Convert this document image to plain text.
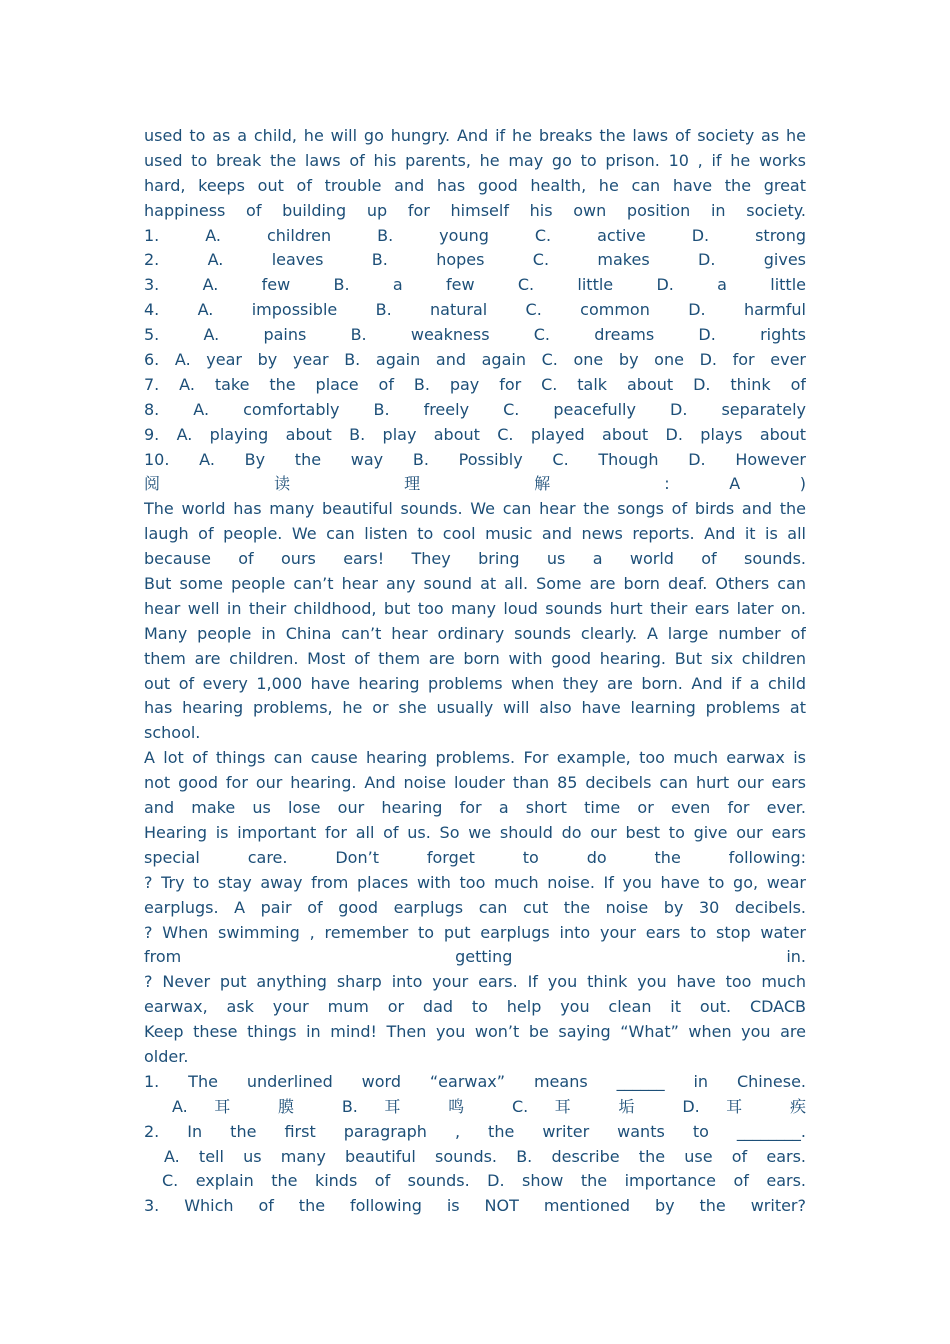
used to as a child, he will go hungry. And if he breaks the laws of society as he
used to break the laws of his parents, he may go to prison. 10 , if he works
hard, keeps out of trouble and has good health, he can have the great
happiness of building up for himself his own position in society.
1. A. children B. young C. active D. strong
2. A. leaves B. hopes C. makes D. gives
3. A. few B. a few C. little D. a little
4. A. impossible B. natural C. common D. harmful
5. A. pains B. weakness C. dreams D. rights
6. A. year by year B. again and again C. one by one D. for ever
7. A. take the place of B. pay for C. talk about D. think of
8. A. comfortably B. freely C. peacefully D. separately
9. A. playing about B. play about C. played about D. plays about
10. A. By the way B. Possibly C. Though D. However
阅 读 理 解 : A )
The world has many beautiful sounds. We can hear the songs of birds and the
laugh of people. We can listen to cool music and news reports. And it is all
because of ours ears! They bring us a world of sounds.
But some people can’t hear any sound at all. Some are born deaf. Others can
hear well in their childhood, but too many loud sounds hurt their ears later on.
Many people in China can’t hear ordinary sounds clearly. A large number of
them are children. Most of them are born with good hearing. But six children
out of every 1,000 have hearing problems when they are born. And if a child
has hearing problems, he or she usually will also have learning problems at
school.
A lot of things can cause hearing problems. For example, too much earwax is
not good for our hearing. And noise louder than 85 decibels can hurt our ears
and make us lose our hearing for a short time or even for ever.
Hearing is important for all of us. So we should do our best to give our ears
special care. Don’t forget to do the following:
? Try to stay away from places with too much noise. If you have to go, wear
earplugs. A pair of good earplugs can cut the noise by 30 decibels.
? When swimming , remember to put earplugs into your ears to stop water
from getting in.
? Never put anything sharp into your ears. If you think you have too much
earwax, ask your mum or dad to help you clean it out. CDACB
Keep these things in mind! Then you won’t be saying “What” when you are
older.
1. The underlined word “earwax” means ______ in Chinese.
A. 耳 膜 B. 耳 鸣 C. 耳 垢 D. 耳 疾
2. In the first paragraph , the writer wants to ________.
A. tell us many beautiful sounds. B. describe the use of ears.
C. explain the kinds of sounds. D. show the importance of ears.
3. Which of the following is NOT mentioned by the writer?
